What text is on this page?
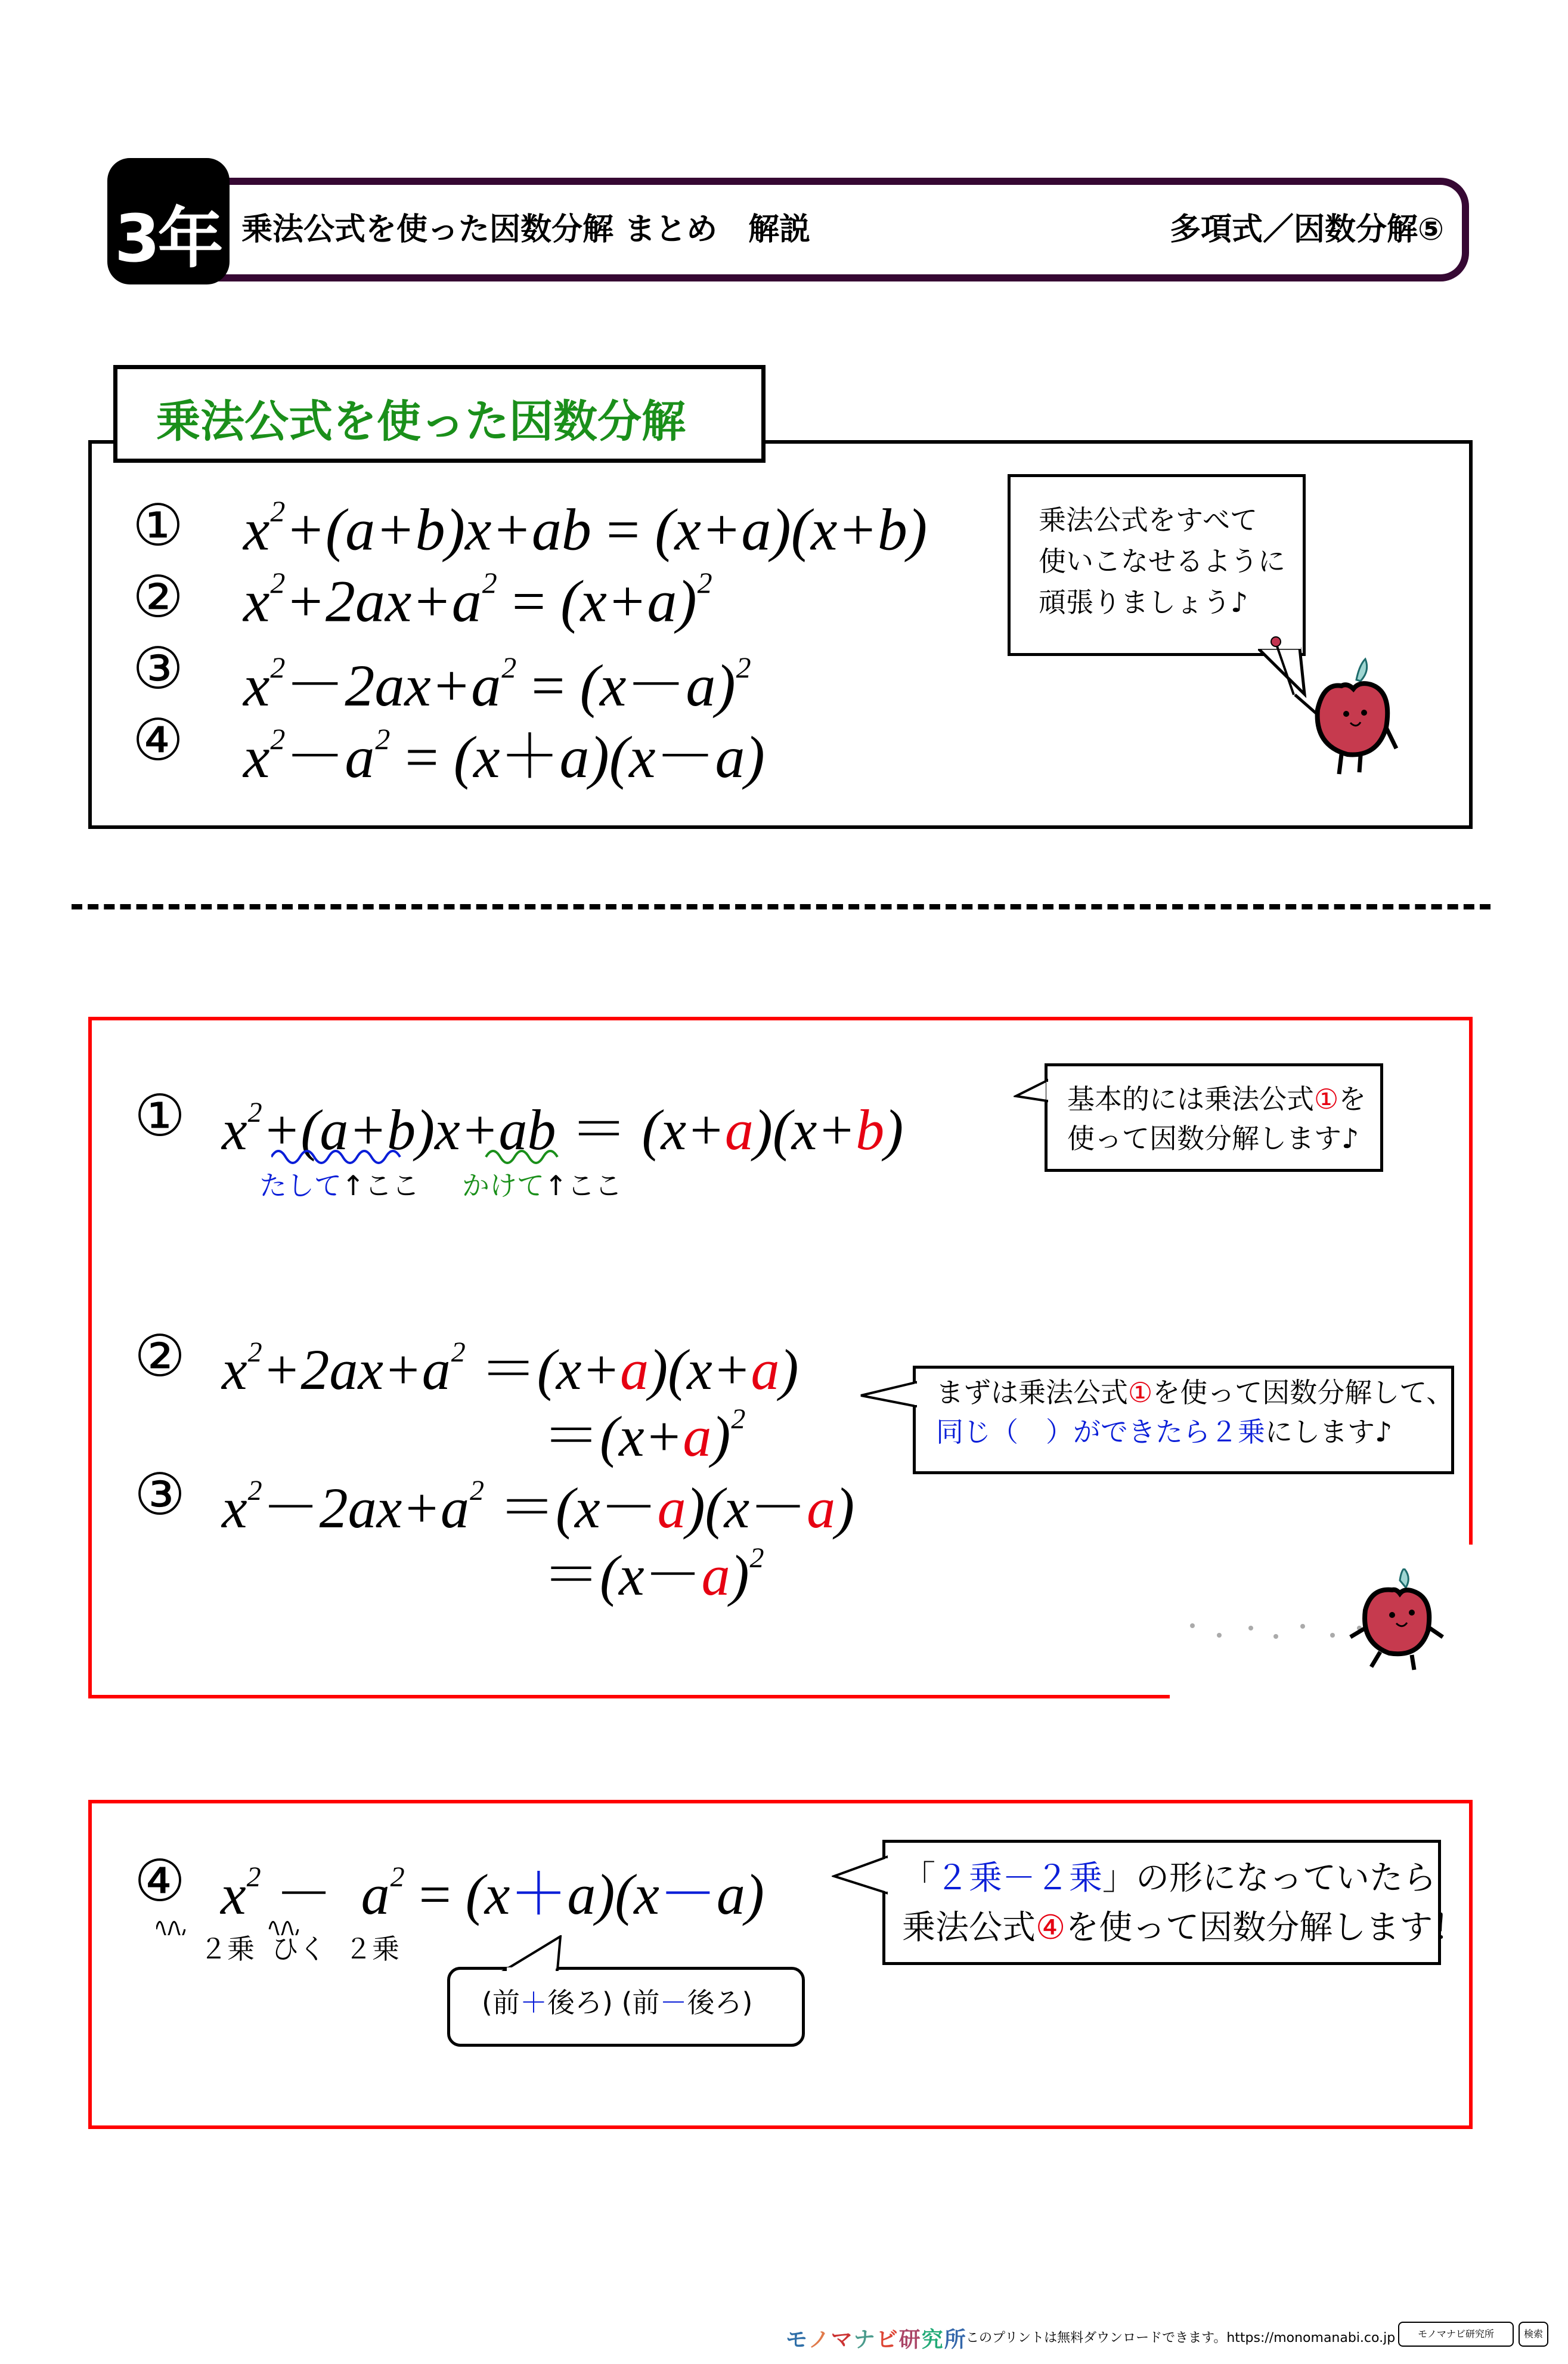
3年 乗法公式を使った因数分解 まとめ　解説	多項式／因数分解⑤
乗法公式を使った因数分解
① $x^2+(a+b)x+ab = (x+a)(x+b)$
② $x^2+2ax+a^2 = (x+a)^2$
③ $x^2-2ax+a^2 = (x-a)^2$
④ $x^2-a^2 = (x+a)(x-a)$
乗法公式をすべて
使いこなせるように
頑張りましょう♪
① $x^2+(a+b)x+ab = (x+a)(x+b)$
たして↑ここ かけて↑ここ
基本的には乗法公式①を
使って因数分解します♪
② $x^2+2ax+a^2 =(x+a)(x+a)$
$=(x+a)^2$
③ $x^2-2ax+a^2 =(x-a)(x-a)$
$=(x-a)^2$
まずは乗法公式①を使って因数分解して、
同じ（　）ができたら２乗にします♪
④ $x^2 - a^2 = (x+a)(x-a)$
２乗 ひく ２乗
(前＋後ろ) (前－後ろ)
「２乗－２乗」の形になっていたら
乗法公式④を使って因数分解します！
モノマナビ研究所
このプリントは無料ダウンロードできます。https://monomanabi.co.jp	モノマナビ研究所	検索
